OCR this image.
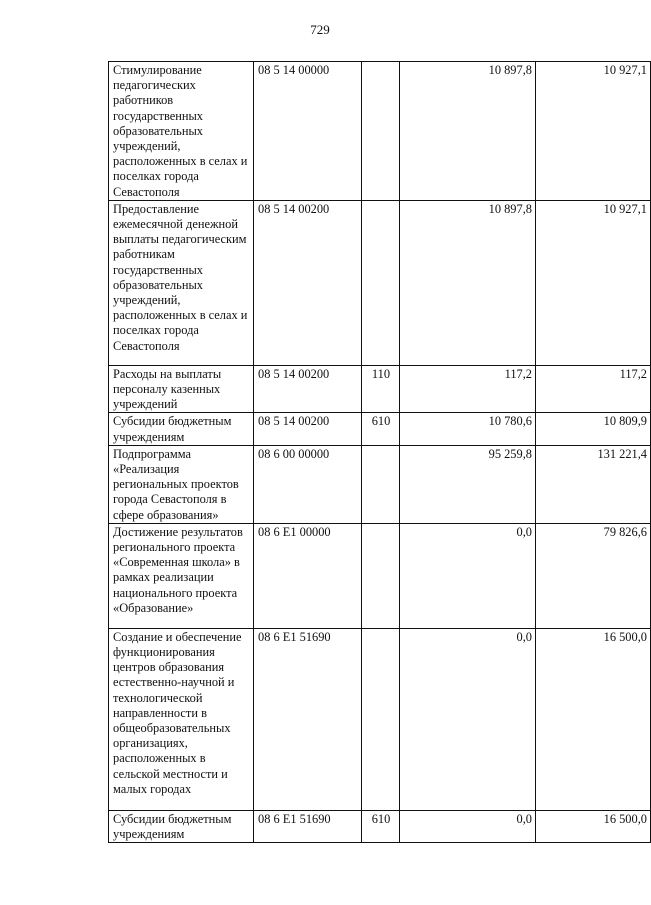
729
Стимулирование педагогических работников государственных образовательных учреждений, расположенных в селах и поселках города Севастополя	08 5 14 00000		10 897,8	10 927,1
Предоставление ежемесячной денежной выплаты педагогическим работникам государственных образовательных учреждений, расположенных в селах и поселках города Севастополя	08 5 14 00200		10 897,8	10 927,1
Расходы на выплаты персоналу казенных учреждений	08 5 14 00200	110	117,2	117,2
Субсидии бюджетным учреждениям	08 5 14 00200	610	10 780,6	10 809,9
Подпрограмма «Реализация региональных проектов города Севастополя в сфере образования»	08 6 00 00000		95 259,8	131 221,4
Достижение результатов регионального проекта «Современная школа» в рамках реализации национального проекта «Образование»	08 6 E1 00000		0,0	79 826,6
Создание и обеспечение функционирования центров образования естественно-научной и технологической направленности в общеобразовательных организациях, расположенных в сельской местности и малых городах	08 6 E1 51690		0,0	16 500,0
Субсидии бюджетным учреждениям	08 6 E1 51690	610	0,0	16 500,0
